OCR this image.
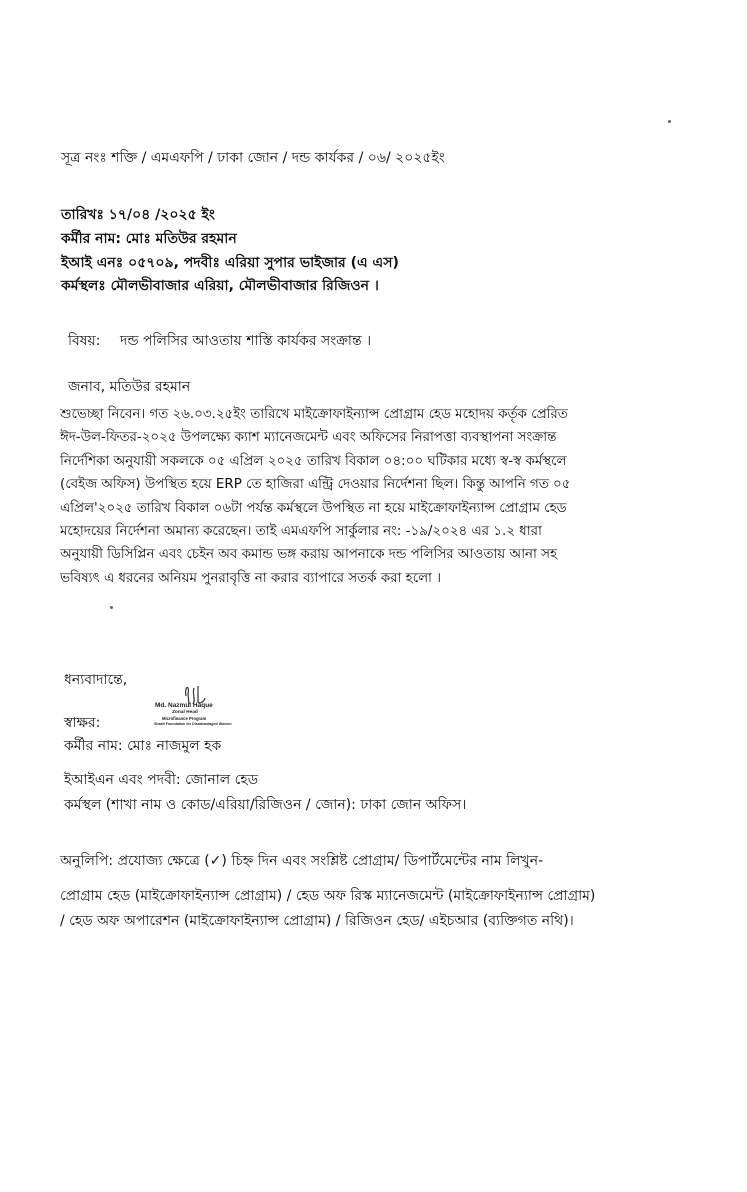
সূত্র নংঃ শক্তি / এমএফপি / ঢাকা জোন / দন্ড কার্যকর / ০৬/ ২০২৫ইং
তারিখঃ ১৭/০৪ /২০২৫ ইং
কর্মীর নাম: মোঃ মতিউর রহমান
ইআই এনঃ ০৫৭০৯, পদবীঃ এরিয়া সুপার ভাইজার (এ এস)
কর্মস্থলঃ মৌলভীবাজার এরিয়া, মৌলভীবাজার রিজিওন ।
বিষয়: দন্ড পলিসির আওতায় শাস্তি কার্যকর সংক্রান্ত ।
জনাব, মতিউর রহমান
শুভেচ্ছা নিবেন। গত ২৬.০৩.২৫ইং তারিখে মাইক্রোফাইন্যান্স প্রোগ্রাম হেড মহোদয় কর্তৃক প্রেরিত
ঈদ-উল-ফিতর-২০২৫ উপলক্ষ্যে ক্যাশ ম্যানেজমেন্ট এবং অফিসের নিরাপত্তা ব্যবস্থাপনা সংক্রান্ত
নির্দেশিকা অনুযায়ী সকলকে ০৫ এপ্রিল ২০২৫ তারিখ বিকাল ০৪:০০ ঘটিকার মধ্যে স্ব-স্ব কর্মস্থলে
(বেইজ অফিস) উপস্থিত হয়ে ERP তে হাজিরা এন্ট্রি দেওয়ার নির্দেশনা ছিল। কিন্তু আপনি গত ০৫
এপ্রিল'২০২৫ তারিখ বিকাল ০৬টা পর্যন্ত কর্মস্থলে উপস্থিত না হয়ে মাইক্রোফাইন্যান্স প্রোগ্রাম হেড
মহোদয়ের নির্দেশনা অমান্য করেছেন। তাই এমএফপি সার্কুলার নং: -১৯/২০২৪ এর ১.২ ধারা
অনুযায়ী ডিসিপ্লিন এবং চেইন অব কমান্ড ভঙ্গ করায় আপনাকে দন্ড পলিসির আওতায় আনা সহ
ভবিষ্যৎ এ ধরনের অনিয়ম পুনরাবৃত্তি না করার ব্যাপারে সতর্ক করা হলো ।
ধন্যবাদান্তে,
Md. Nazmul Haque
Zonal Head
Microfinance Program
Shakti Foundation for Disadvantaged Women
স্বাক্ষর:
কর্মীর নাম: মোঃ নাজমুল হক
ইআইএন এবং পদবী: জোনাল হেড
কর্মস্থল (শাখা নাম ও কোড/এরিয়া/রিজিওন / জোন): ঢাকা জোন অফিস।
অনুলিপি: প্রযোজ্য ক্ষেত্রে (✓) চিহ্ন দিন এবং সংশ্লিষ্ট প্রোগ্রাম/ ডিপার্টমেন্টের নাম লিখুন-
প্রোগ্রাম হেড (মাইক্রোফাইন্যান্স প্রোগ্রাম) / হেড অফ রিস্ক ম্যানেজমেন্ট (মাইক্রোফাইন্যান্স প্রোগ্রাম)
/ হেড অফ অপারেশন (মাইক্রোফাইন্যান্স প্রোগ্রাম) / রিজিওন হেড/ এইচআর (ব্যক্তিগত নথি)।
